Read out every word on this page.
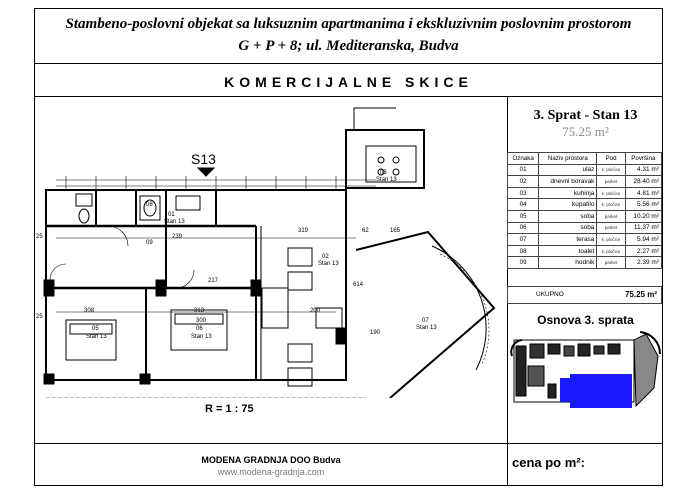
Stambeno-poslovni objekat sa luksuznim apartmanima i ekskluzivnim poslovnim prostorom
G + P + 8; ul. Mediteranska, Budva
KOMERCIJALNE SKICE
3. Sprat - Stan 13
75.25 m²
Oznaka	Naziv prostora	Pod	Površina
01	ulaz	k. pločice	4.31 m²
02	dnevni boravak	parket	28.40 m²
03	kuhinja	k. pločice	4.81 m²
04	kupatilo	k. pločice	5.56 m²
05	soba	parket	10.20 m²
06	soba	parket	11.37 m²
07	terasa	k. pločice	5.94 m²
08	toalet	k. pločice	2.27 m²
09	hodnik	parket	2.39 m²
UKUPNO	75.25 m²
Osnova 3. sprata
S13
03
Stan 13
02
Stan 13
01
Stan 13
05
Stan 13
06
Stan 13
07
Stan 13
08
09
308	313
319
217
165
200
300
190
239
614
62
25
25
R = 1 : 75
MODENA GRADNJA DOO Budva
www.modena-gradnja.com
cena po m²:
